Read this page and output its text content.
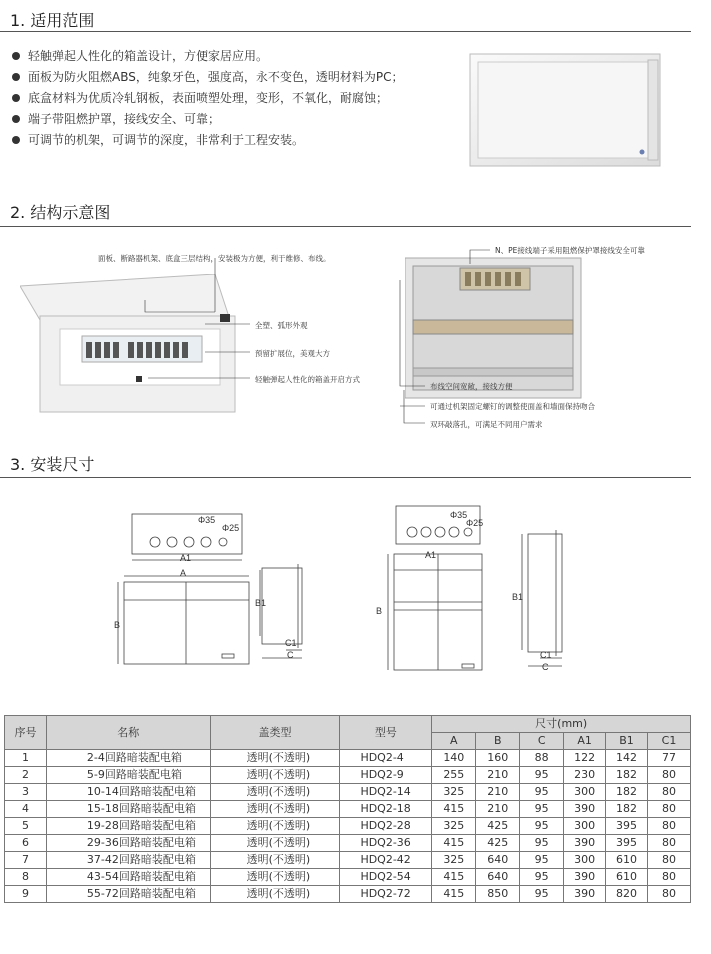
1. 适用范围
轻触弹起人性化的箱盖设计，方便家居应用。
面板为防火阻燃ABS，纯象牙色，强度高，永不变色，透明材料为PC；
底盒材料为优质冷轧钢板，表面喷塑处理，变形，不氧化，耐腐蚀；
端子带阻燃护罩，接线安全、可靠；
可调节的机架，可调节的深度，非常利于工程安装。
2. 结构示意图
面板、断路器机架、底盒三层结构，安装极为方便，利于维修、布线。
全塑、弧形外观
预留扩展位，美观大方
轻触弹起人性化的箱盖开启方式
N、PE接线端子采用阻燃保护罩接线安全可靠
布线空间宽敞，接线方便
可通过机架固定螺钉的调整使面盖和墙面保持吻合
双环敲落孔，可满足不同用户需求
3. 安装尺寸
Φ35
Φ25
A1
A
B
B1
C1
C
Φ35
Φ25
A1
B
B1
C1
C
序号	名称	盖类型	型号	尺寸(mm)					
				A	B	C	A1	B1	C1
1	2-4回路暗装配电箱	透明(不透明)	HDQ2-4	140	160	88	122	142	77
2	5-9回路暗装配电箱	透明(不透明)	HDQ2-9	255	210	95	230	182	80
3	10-14回路暗装配电箱	透明(不透明)	HDQ2-14	325	210	95	300	182	80
4	15-18回路暗装配电箱	透明(不透明)	HDQ2-18	415	210	95	390	182	80
5	19-28回路暗装配电箱	透明(不透明)	HDQ2-28	325	425	95	300	395	80
6	29-36回路暗装配电箱	透明(不透明)	HDQ2-36	415	425	95	390	395	80
7	37-42回路暗装配电箱	透明(不透明)	HDQ2-42	325	640	95	300	610	80
8	43-54回路暗装配电箱	透明(不透明)	HDQ2-54	415	640	95	390	610	80
9	55-72回路暗装配电箱	透明(不透明)	HDQ2-72	415	850	95	390	820	80
